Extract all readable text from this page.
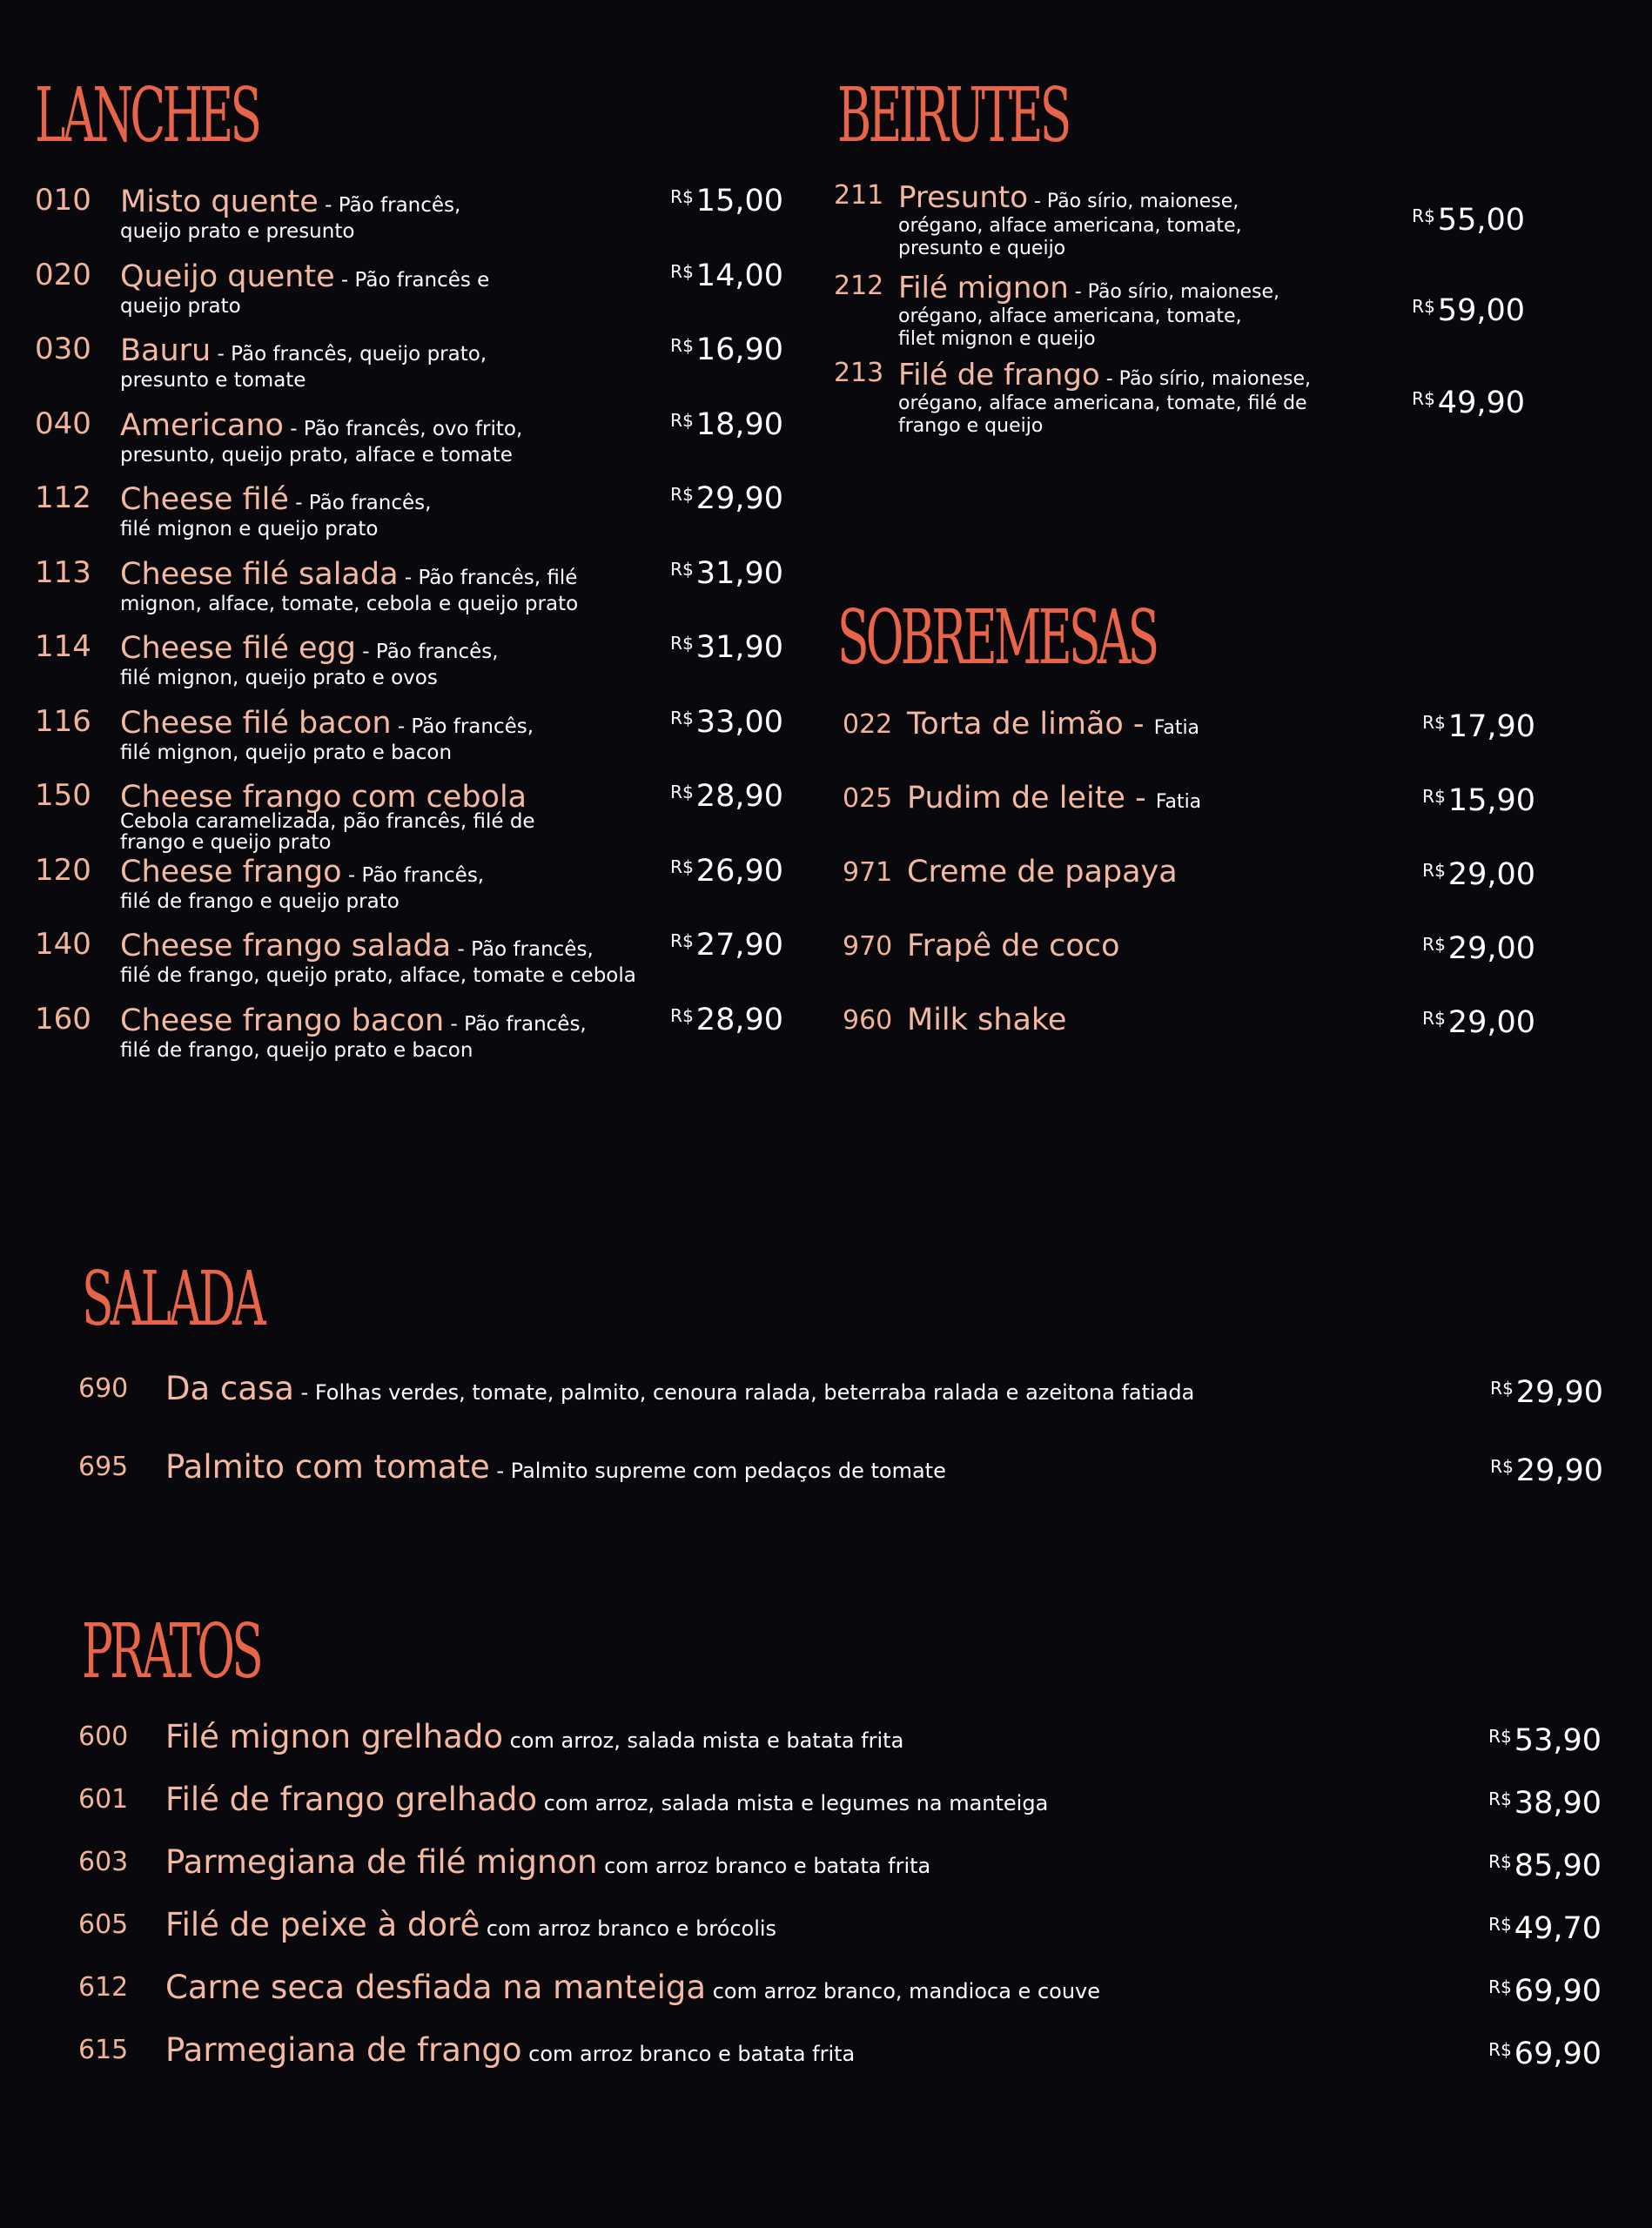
LANCHES
010 Misto quente - Pão francês,
queijo prato e presunto
$^{R\$}$15,00
020 Queijo quente - Pão francês e
queijo prato
$^{R\$}$14,00
030 Bauru - Pão francês, queijo prato,
presunto e tomate
$^{R\$}$16,90
040 Americano - Pão francês, ovo frito,
presunto, queijo prato, alface e tomate
$^{R\$}$18,90
112 Cheese filé - Pão francês,
filé mignon e queijo prato
$^{R\$}$29,90
113 Cheese filé salada - Pão francês, filé
mignon, alface, tomate, cebola e queijo prato
$^{R\$}$31,90
114 Cheese filé egg - Pão francês,
filé mignon, queijo prato e ovos
$^{R\$}$31,90
116 Cheese filé bacon - Pão francês,
filé mignon, queijo prato e bacon
$^{R\$}$33,00
150 Cheese frango com cebola
Cebola caramelizada, pão francês, filé de
frango e queijo prato
$^{R\$}$28,90
120 Cheese frango - Pão francês,
filé de frango e queijo prato
$^{R\$}$26,90
140 Cheese frango salada - Pão francês,
filé de frango, queijo prato, alface, tomate e cebola
$^{R\$}$27,90
160 Cheese frango bacon - Pão francês,
filé de frango, queijo prato e bacon
$^{R\$}$28,90
BEIRUTES
211 Presunto - Pão sírio, maionese,
orégano, alface americana, tomate,
presunto e queijo
$^{R\$}$55,00
212 Filé mignon - Pão sírio, maionese,
orégano, alface americana, tomate,
filet mignon e queijo
$^{R\$}$59,00
213 Filé de frango - Pão sírio, maionese,
orégano, alface americana, tomate, filé de
frango e queijo
$^{R\$}$49,90
SOBREMESAS
022 Torta de limão - Fatia	$^{R\$}$17,90
025 Pudim de leite - Fatia	$^{R\$}$15,90
971 Creme de papaya	$^{R\$}$29,00
970 Frapê de coco	$^{R\$}$29,00
960 Milk shake	$^{R\$}$29,00
SALADA
690 Da casa - Folhas verdes, tomate, palmito, cenoura ralada, beterraba ralada e azeitona fatiada	$^{R\$}$29,90
695 Palmito com tomate - Palmito supreme com pedaços de tomate	$^{R\$}$29,90
PRATOS
600 Filé mignon grelhado com arroz, salada mista e batata frita	$^{R\$}$53,90
601 Filé de frango grelhado com arroz, salada mista e legumes na manteiga	$^{R\$}$38,90
603 Parmegiana de filé mignon com arroz branco e batata frita	$^{R\$}$85,90
605 Filé de peixe à dorê com arroz branco e brócolis	$^{R\$}$49,70
612 Carne seca desfiada na manteiga com arroz branco, mandioca e couve	$^{R\$}$69,90
615 Parmegiana de frango com arroz branco e batata frita	$^{R\$}$69,90
